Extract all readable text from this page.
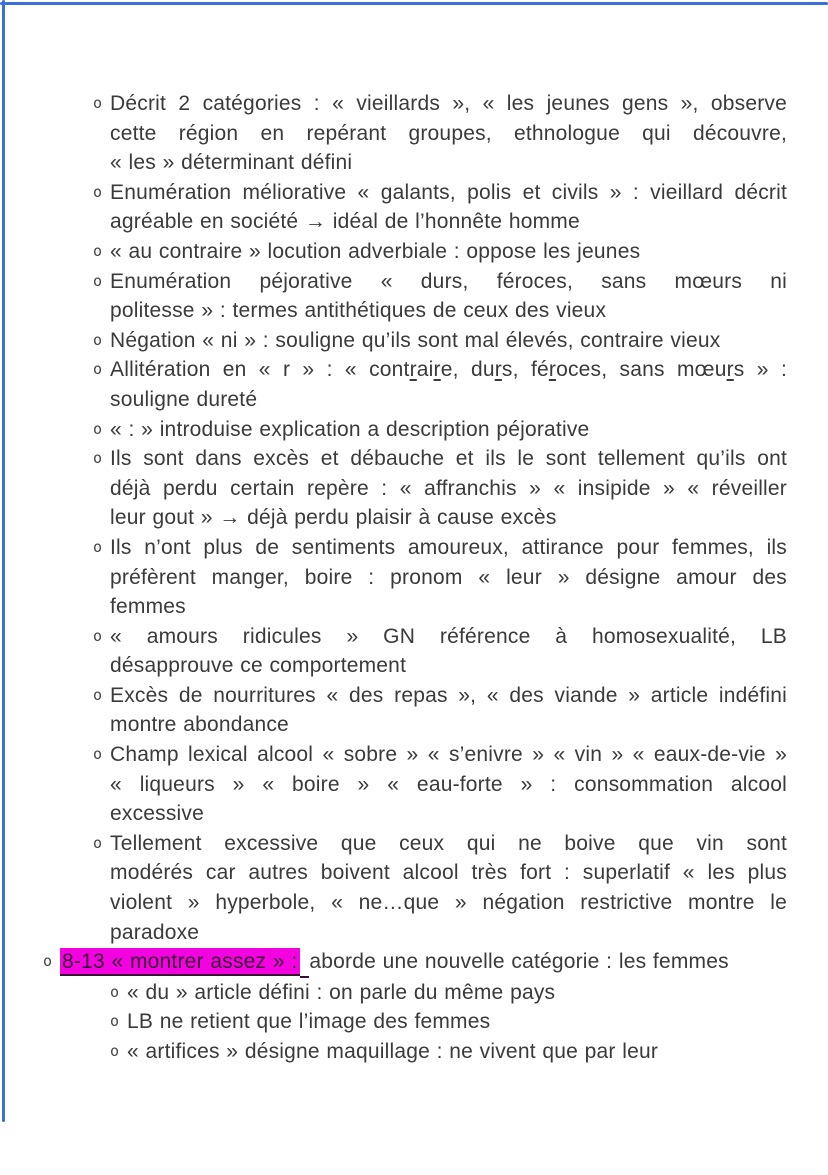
o Décrit 2 catégories : « vieillards », « les jeunes gens », observe
cette région en repérant groupes, ethnologue qui découvre,
« les » déterminant défini
o Enumération méliorative « galants, polis et civils » : vieillard décrit
agréable en société → idéal de l’honnête homme
o « au contraire » locution adverbiale : oppose les jeunes
o Enumération péjorative « durs, féroces, sans mœurs ni
politesse » : termes antithétiques de ceux des vieux
o Négation « ni » : souligne qu’ils sont mal élevés, contraire vieux
o Allitération en « r » : « contraire, durs, féroces, sans mœurs » :
souligne dureté
o « : » introduise explication a description péjorative
o Ils sont dans excès et débauche et ils le sont tellement qu’ils ont
déjà perdu certain repère : « affranchis » « insipide » « réveiller
leur gout » → déjà perdu plaisir à cause excès
o Ils n’ont plus de sentiments amoureux, attirance pour femmes, ils
préfèrent manger, boire : pronom « leur » désigne amour des
femmes
o « amours ridicules » GN référence à homosexualité, LB
désapprouve ce comportement
o Excès de nourritures « des repas », « des viande » article indéfini
montre abondance
o Champ lexical alcool « sobre » « s’enivre » « vin » « eaux-de-vie »
« liqueurs » « boire » « eau-forte » : consommation alcool
excessive
o Tellement excessive que ceux qui ne boive que vin sont
modérés car autres boivent alcool très fort : superlatif « les plus
violent » hyperbole, « ne…que » négation restrictive montre le
paradoxe
o 8-13 « montrer assez » : aborde une nouvelle catégorie : les femmes
o « du » article défini : on parle du même pays
o LB ne retient que l’image des femmes
o « artifices » désigne maquillage : ne vivent que par leur
